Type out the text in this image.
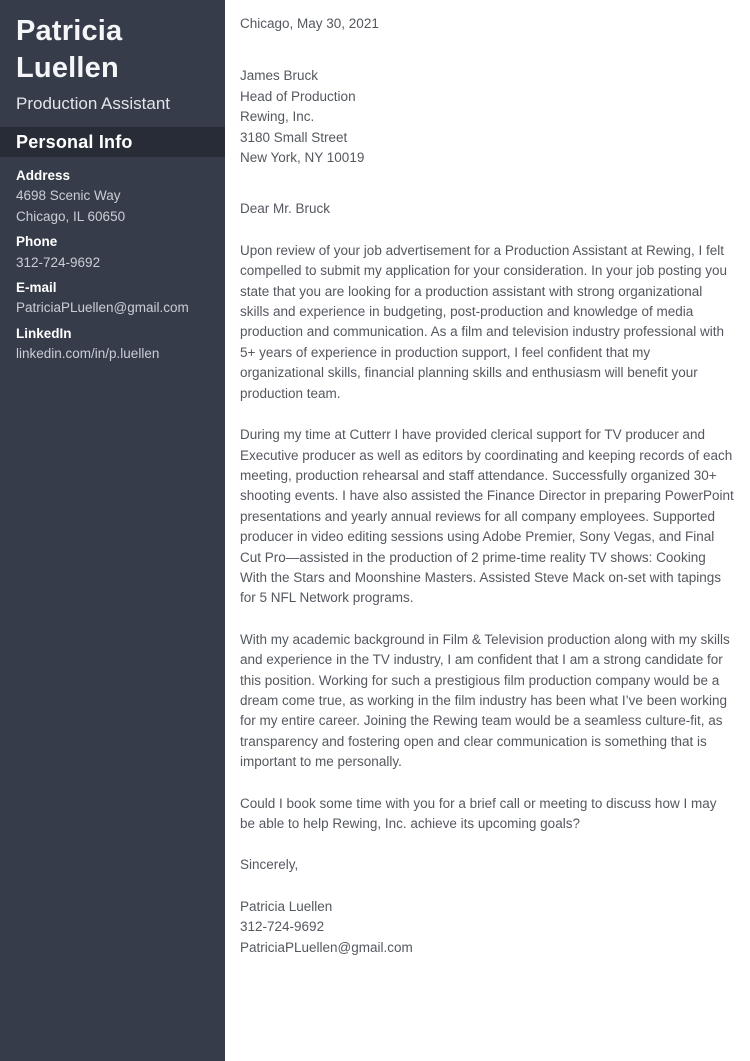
Patricia Luellen
Production Assistant
Personal Info
Address
4698 Scenic Way
Chicago, IL 60650
Phone
312-724-9692
E-mail
PatriciaPLuellen@gmail.com
LinkedIn
linkedin.com/in/p.luellen

Chicago, May 30, 2021

James Bruck

Head of Production

Rewing, Inc.

3180 Small Street

New York, NY 10019

Dear Mr. Bruck

Upon review of your job advertisement for a Production Assistant at Rewing, I felt compelled to submit my application for your consideration. In your job posting you state that you are looking for a production assistant with strong organizational skills and experience in budgeting, post-production and knowledge of media production and communication. As a film and television industry professional with 5+ years of experience in production support, I feel confident that my organizational skills, financial planning skills and enthusiasm will benefit your production team.

During my time at Cutterr I have provided clerical support for TV producer and Executive producer as well as editors by coordinating and keeping records of each meeting, production rehearsal and staff attendance. Successfully organized 30+ shooting events. I have also assisted the Finance Director in preparing PowerPoint presentations and yearly annual reviews for all company employees. Supported producer in video editing sessions using Adobe Premier, Sony Vegas, and Final Cut Pro—assisted in the production of 2 prime-time reality TV shows: Cooking With the Stars and Moonshine Masters. Assisted Steve Mack on-set with tapings for 5 NFL Network programs.

With my academic background in Film & Television production along with my skills and experience in the TV industry, I am confident that I am a strong candidate for this position. Working for such a prestigious film production company would be a dream come true, as working in the film industry has been what I’ve been working for my entire career. Joining the Rewing team would be a seamless culture-fit, as transparency and fostering open and clear communication is something that is important to me personally.

Could I book some time with you for a brief call or meeting to discuss how I may be able to help Rewing, Inc. achieve its upcoming goals?

Sincerely,

Patricia Luellen

312-724-9692

PatriciaPLuellen@gmail.com
